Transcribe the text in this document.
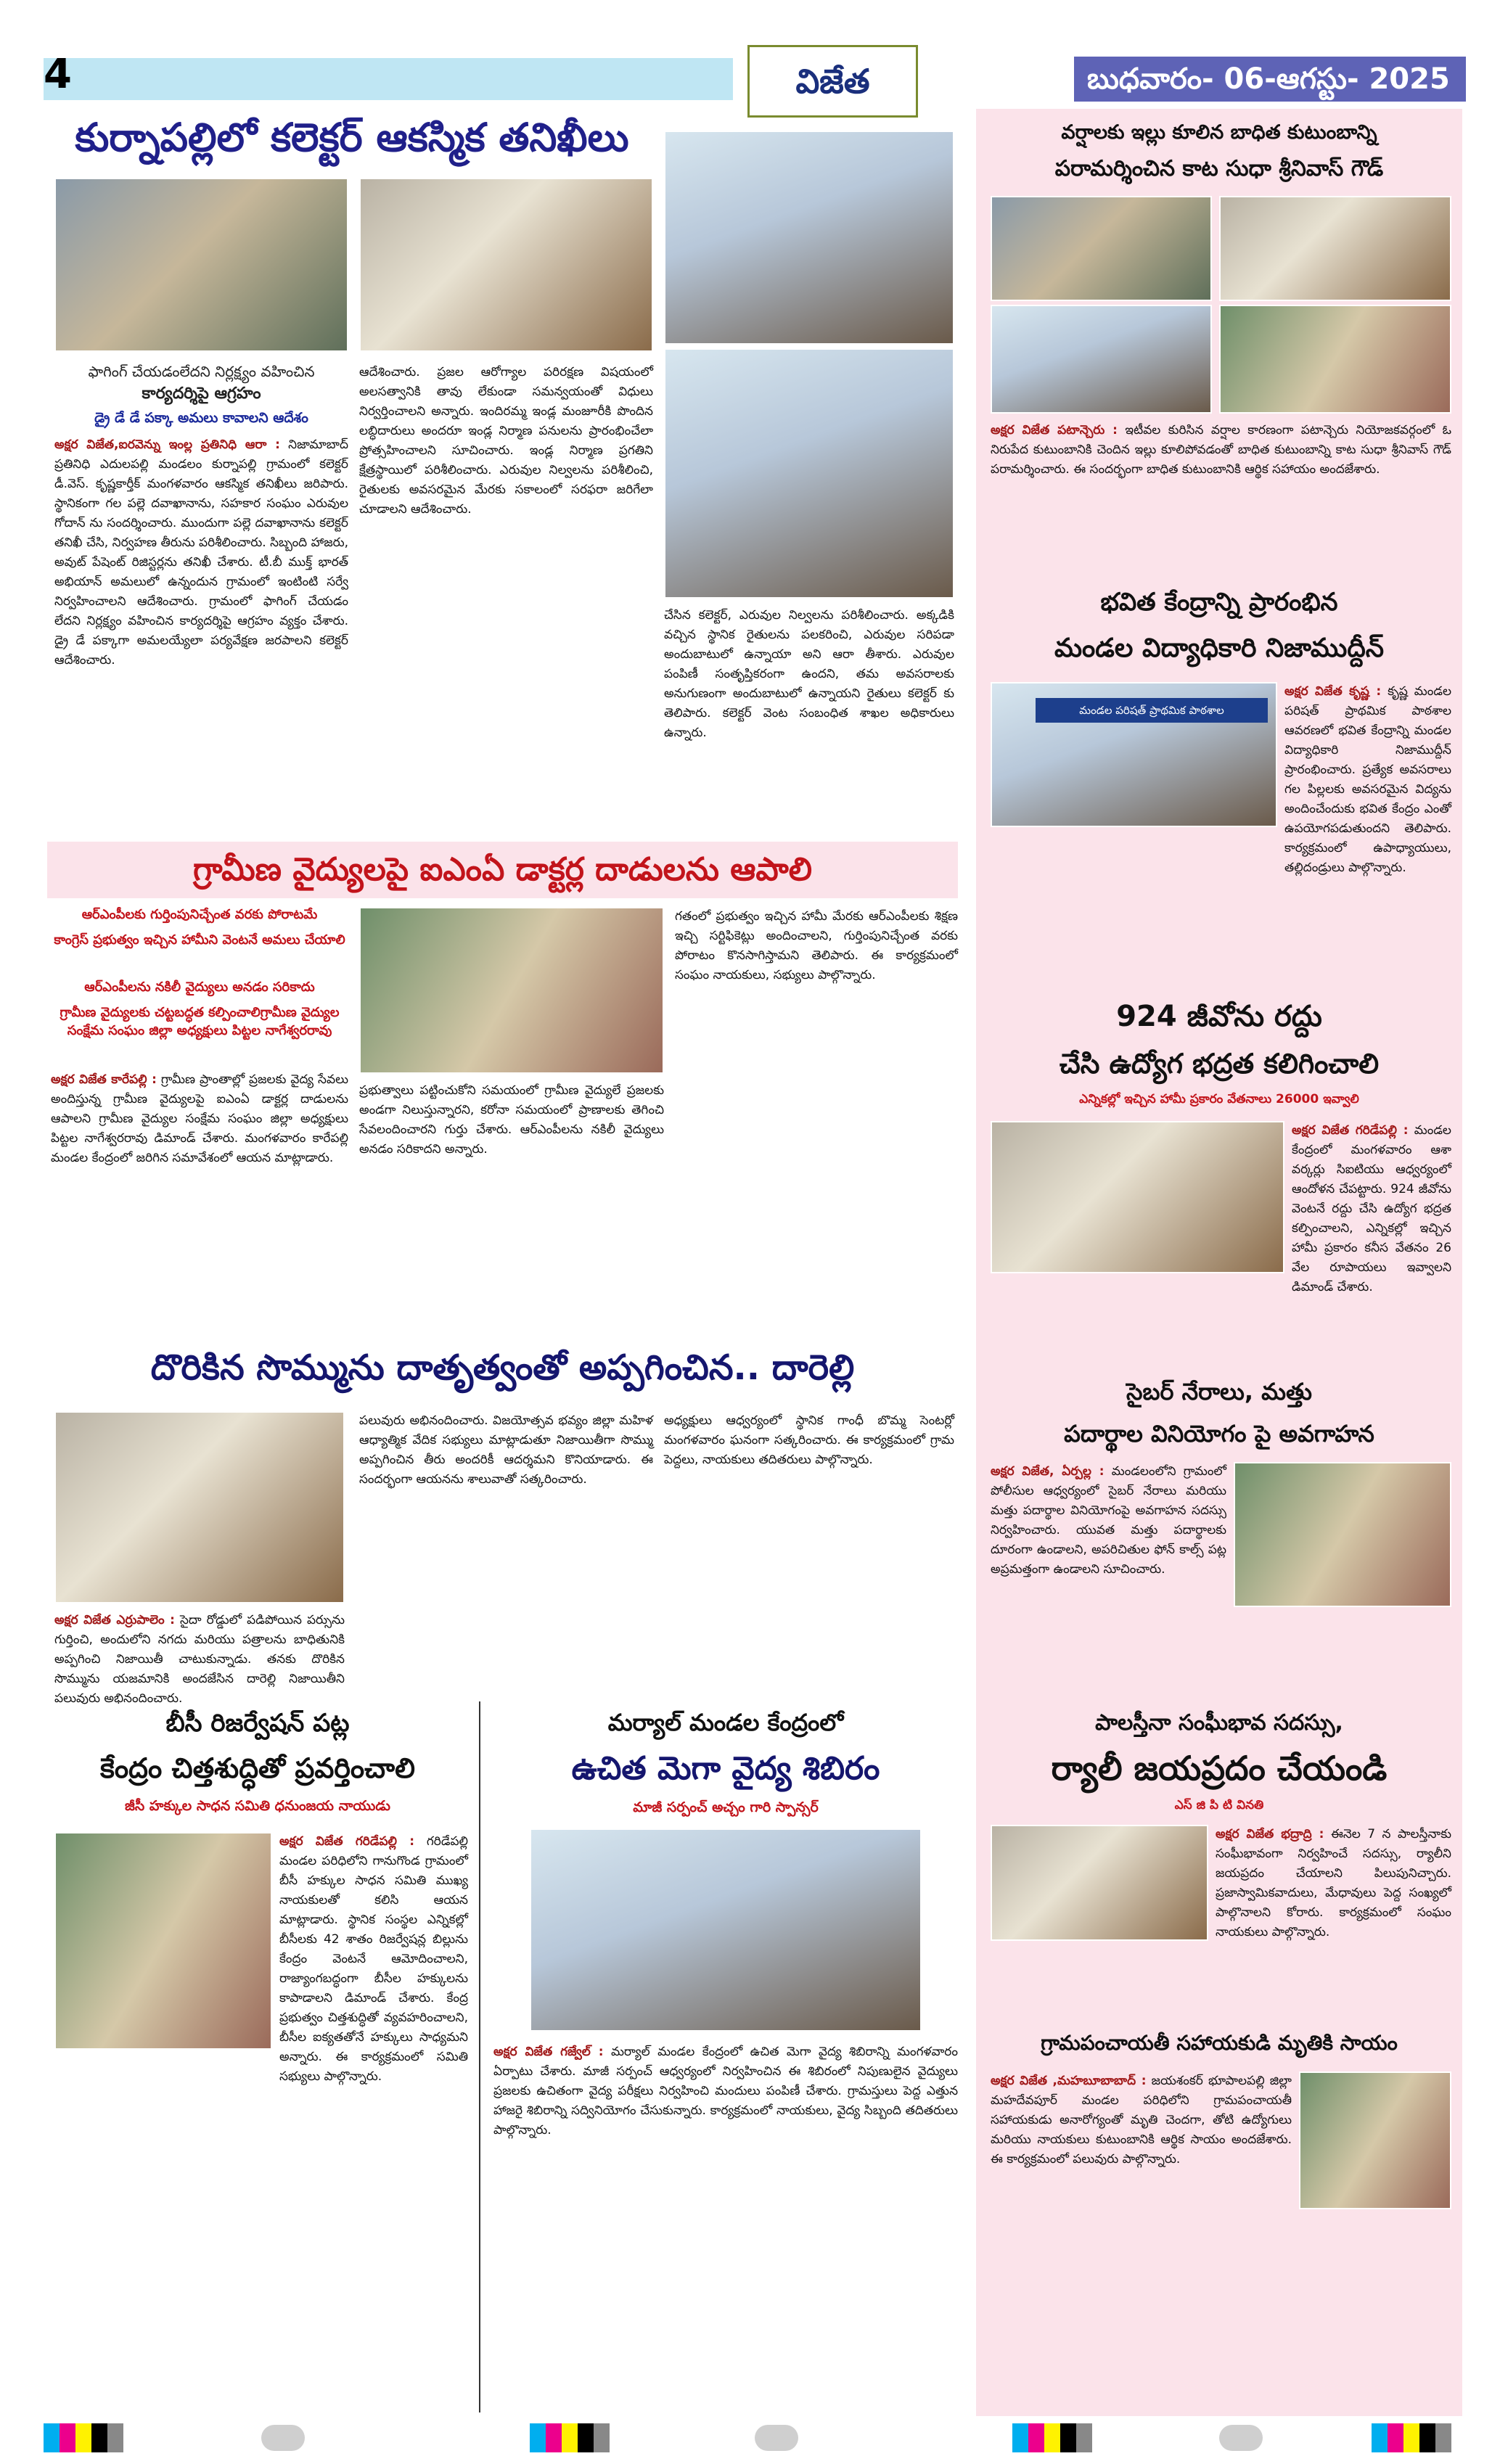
4	విజేత	బుధవారం- 06-ఆగస్టు- 2025
కుర్నాపల్లిలో కలెక్టర్ ఆకస్మిక తనిఖీలు
ఫాగింగ్ చేయడంలేదని నిర్లక్ష్యం వహించిన
కార్యదర్శిపై ఆగ్రహం
డ్రై డే డే పక్కా అమలు కావాలని ఆదేశం
అక్షర విజేత,ఐరవెన్ను ఇంల్ల ప్రతినిధి ఆరా : నిజామాబాద్ ప్రతినిధి ఎదులపల్లి మండలం కుర్నాపల్లి గ్రామంలో కలెక్టర్ డీ.వెస్. కృష్ణకార్తీక్ మంగళవారం ఆకస్మిక తనిఖీలు జరిపారు. స్థానికంగా గల పల్లె దవాఖానాను, సహకార సంఘం ఎరువుల గోదాన్ ను సందర్శించారు. ముందుగా పల్లె దవాఖానాను కలెక్టర్ తనిఖీ చేసి, నిర్వహణ తీరును పరిశీలించారు. సిబ్బంది హాజరు, అవుట్ పేషెంట్ రిజిస్టర్లను తనిఖీ చేశారు. టీ.బీ ముక్త్ భారత్ అభియాన్ అమలులో ఉన్నందున గ్రామంలో ఇంటింటి సర్వే నిర్వహించాలని ఆదేశించారు. గ్రామంలో ఫాగింగ్ చేయడం లేదని నిర్లక్ష్యం వహించిన కార్యదర్శిపై ఆగ్రహం వ్యక్తం చేశారు. డ్రై డే పక్కాగా అమలయ్యేలా పర్యవేక్షణ జరపాలని కలెక్టర్ ఆదేశించారు.
ఆదేశించారు. ప్రజల ఆరోగ్యాల పరిరక్షణ విషయంలో అలసత్వానికి తావు లేకుండా సమన్వయంతో విధులు నిర్వర్తించాలని అన్నారు. ఇందిరమ్మ ఇండ్ల మంజూరీకి పొందిన లబ్ధిదారులు అందరూ ఇండ్ల నిర్మాణ పనులను ప్రారంభించేలా ప్రోత్సహించాలని సూచించారు. ఇండ్ల నిర్మాణ ప్రగతిని క్షేత్రస్థాయిలో పరిశీలించారు. ఎరువుల నిల్వలను పరిశీలించి, రైతులకు అవసరమైన మేరకు సకాలంలో సరఫరా జరిగేలా చూడాలని ఆదేశించారు.
చేసిన కలెక్టర్, ఎరువుల నిల్వలను పరిశీలించారు. అక్కడికి వచ్చిన స్థానిక రైతులను పలకరించి, ఎరువుల సరిపడా అందుబాటులో ఉన్నాయా అని ఆరా తీశారు. ఎరువుల పంపిణీ సంతృప్తికరంగా ఉందని, తమ అవసరాలకు అనుగుణంగా అందుబాటులో ఉన్నాయని రైతులు కలెక్టర్ కు తెలిపారు. కలెక్టర్ వెంట సంబంధిత శాఖల అధికారులు ఉన్నారు.
గ్రామీణ వైద్యులపై ఐఎంఏ డాక్టర్ల దాడులను ఆపాలి
ఆర్ఎంపీలకు గుర్తింపునిచ్చేంత వరకు పోరాటమే
కాంగ్రెస్ ప్రభుత్వం ఇచ్చిన హామీని వెంటనే అమలు చేయాలి
ఆర్ఎంపీలను నకిలీ వైద్యులు అనడం సరికాదు
గ్రామీణ వైద్యులకు చట్టబద్ధత కల్పించాలిగ్రామీణ వైద్యుల సంక్షేమ సంఘం జిల్లా అధ్యక్షులు పిట్టల నాగేశ్వరరావు
అక్షర విజేత కారేపల్లి : గ్రామీణ ప్రాంతాల్లో ప్రజలకు వైద్య సేవలు అందిస్తున్న గ్రామీణ వైద్యులపై ఐఎంఏ డాక్టర్ల దాడులను ఆపాలని గ్రామీణ వైద్యుల సంక్షేమ సంఘం జిల్లా అధ్యక్షులు పిట్టల నాగేశ్వరరావు డిమాండ్ చేశారు. మంగళవారం కారేపల్లి మండల కేంద్రంలో జరిగిన సమావేశంలో ఆయన మాట్లాడారు.
ప్రభుత్వాలు పట్టించుకోని సమయంలో గ్రామీణ వైద్యులే ప్రజలకు అండగా నిలుస్తున్నారని, కరోనా సమయంలో ప్రాణాలకు తెగించి సేవలందించారని గుర్తు చేశారు. ఆర్ఎంపీలను నకిలీ వైద్యులు అనడం సరికాదని అన్నారు.
గతంలో ప్రభుత్వం ఇచ్చిన హామీ మేరకు ఆర్ఎంపీలకు శిక్షణ ఇచ్చి సర్టిఫికెట్లు అందించాలని, గుర్తింపునిచ్చేంత వరకు పోరాటం కొనసాగిస్తామని తెలిపారు. ఈ కార్యక్రమంలో సంఘం నాయకులు, సభ్యులు పాల్గొన్నారు.
దొరికిన సొమ్మును దాతృత్వంతో అప్పగించిన.. దారెల్లి
అక్షర విజేత ఎర్రుపాలెం : సైదా రోడ్డులో పడిపోయిన పర్సును గుర్తించి, అందులోని నగదు మరియు పత్రాలను బాధితునికి అప్పగించి నిజాయితీ చాటుకున్నాడు. తనకు దొరికిన సొమ్మును యజమానికి అందజేసిన దారెల్లి నిజాయితీని పలువురు అభినందించారు.
పలువురు అభినందించారు. విజయోత్సవ భవ్యం జిల్లా మహిళ ఆధ్యాత్మిక వేదిక సభ్యులు మాట్లాడుతూ నిజాయితీగా సొమ్ము అప్పగించిన తీరు అందరికీ ఆదర్శమని కొనియాడారు. ఈ సందర్భంగా ఆయనను శాలువాతో సత్కరించారు.
అధ్యక్షులు ఆధ్వర్యంలో స్థానిక గాంధీ బొమ్మ సెంటర్లో మంగళవారం ఘనంగా సత్కరించారు. ఈ కార్యక్రమంలో గ్రామ పెద్దలు, నాయకులు తదితరులు పాల్గొన్నారు.
బీసీ రిజర్వేషన్ పట్ల
కేంద్రం చిత్తశుద్ధితో ప్రవర్తించాలి
జీసీ హక్కుల సాధన సమితి ధనుంజయ నాయుడు
అక్షర విజేత గరిడేపల్లి : గరిడేపల్లి మండల పరిధిలోని గానుగొండ గ్రామంలో బీసీ హక్కుల సాధన సమితి ముఖ్య నాయకులతో కలిసి ఆయన మాట్లాడారు. స్థానిక సంస్థల ఎన్నికల్లో బీసీలకు 42 శాతం రిజర్వేషన్ల బిల్లును కేంద్రం వెంటనే ఆమోదించాలని, రాజ్యాంగబద్ధంగా బీసీల హక్కులను కాపాడాలని డిమాండ్ చేశారు. కేంద్ర ప్రభుత్వం చిత్తశుద్ధితో వ్యవహరించాలని, బీసీల ఐక్యతతోనే హక్కులు సాధ్యమని అన్నారు. ఈ కార్యక్రమంలో సమితి సభ్యులు పాల్గొన్నారు.
మర్యాల్ మండల కేంద్రంలో
ఉచిత మెగా వైద్య శిబిరం
మాజీ సర్పంచ్ అచ్చం గారి స్పాన్సర్
అక్షర విజేత గజ్వేల్ : మర్యాల్ మండల కేంద్రంలో ఉచిత మెగా వైద్య శిబిరాన్ని మంగళవారం ఏర్పాటు చేశారు. మాజీ సర్పంచ్ ఆధ్వర్యంలో నిర్వహించిన ఈ శిబిరంలో నిపుణులైన వైద్యులు ప్రజలకు ఉచితంగా వైద్య పరీక్షలు నిర్వహించి మందులు పంపిణీ చేశారు. గ్రామస్తులు పెద్ద ఎత్తున హాజరై శిబిరాన్ని సద్వినియోగం చేసుకున్నారు. కార్యక్రమంలో నాయకులు, వైద్య సిబ్బంది తదితరులు పాల్గొన్నారు.
వర్షాలకు ఇల్లు కూలిన బాధిత కుటుంబాన్ని
పరామర్శించిన కాట సుధా శ్రీనివాస్ గౌడ్
అక్షర విజేత పటాన్చెరు : ఇటీవల కురిసిన వర్షాల కారణంగా పటాన్చెరు నియోజకవర్గంలో ఓ నిరుపేద కుటుంబానికి చెందిన ఇల్లు కూలిపోవడంతో బాధిత కుటుంబాన్ని కాట సుధా శ్రీనివాస్ గౌడ్ పరామర్శించారు. ఈ సందర్భంగా బాధిత కుటుంబానికి ఆర్థిక సహాయం అందజేశారు.
భవిత కేంద్రాన్ని ప్రారంభిన
మండల విద్యాధికారి నిజాముద్దీన్
మండల పరిషత్ ప్రాథమిక పాఠశాల
అక్షర విజేత కృష్ణ : కృష్ణ మండల పరిషత్ ప్రాథమిక పాఠశాల ఆవరణలో భవిత కేంద్రాన్ని మండల విద్యాధికారి నిజాముద్దీన్ ప్రారంభించారు. ప్రత్యేక అవసరాలు గల పిల్లలకు అవసరమైన విద్యను అందించేందుకు భవిత కేంద్రం ఎంతో ఉపయోగపడుతుందని తెలిపారు. కార్యక్రమంలో ఉపాధ్యాయులు, తల్లిదండ్రులు పాల్గొన్నారు.
924 జీవోను రద్దు
చేసి ఉద్యోగ భద్రత కలిగించాలి
ఎన్నికల్లో ఇచ్చిన హామీ ప్రకారం వేతనాలు 26000 ఇవ్వాలి
అక్షర విజేత గరిడేపల్లి : మండల కేంద్రంలో మంగళవారం ఆశా వర్కర్లు సిఐటియు ఆధ్వర్యంలో ఆందోళన చేపట్టారు. 924 జీవోను వెంటనే రద్దు చేసి ఉద్యోగ భద్రత కల్పించాలని, ఎన్నికల్లో ఇచ్చిన హామీ ప్రకారం కనీస వేతనం 26 వేల రూపాయలు ఇవ్వాలని డిమాండ్ చేశారు.
సైబర్ నేరాలు, మత్తు
పదార్థాల వినియోగం పై అవగాహన
అక్షర విజేత, ఏర్పల్ల : మండలంలోని గ్రామంలో పోలీసుల ఆధ్వర్యంలో సైబర్ నేరాలు మరియు మత్తు పదార్థాల వినియోగంపై అవగాహన సదస్సు నిర్వహించారు. యువత మత్తు పదార్థాలకు దూరంగా ఉండాలని, అపరిచితుల ఫోన్ కాల్స్ పట్ల అప్రమత్తంగా ఉండాలని సూచించారు.
పాలస్తీనా సంఘీభావ సదస్సు,
ర్యాలీ జయప్రదం చేయండి
ఎస్ జి పి టి వినతి
అక్షర విజేత భద్రాద్రి : ఈనెల 7 న పాలస్తీనాకు సంఘీభావంగా నిర్వహించే సదస్సు, ర్యాలీని జయప్రదం చేయాలని పిలుపునిచ్చారు. ప్రజాస్వామికవాదులు, మేధావులు పెద్ద సంఖ్యలో పాల్గొనాలని కోరారు. కార్యక్రమంలో సంఘం నాయకులు పాల్గొన్నారు.
గ్రామపంచాయతీ సహాయకుడి మృతికి సాయం
అక్షర విజేత ,మహబూబాబాద్ : జయశంకర్ భూపాలపల్లి జిల్లా మహదేవపూర్ మండల పరిధిలోని గ్రామపంచాయతీ సహాయకుడు అనారోగ్యంతో మృతి చెందగా, తోటి ఉద్యోగులు మరియు నాయకులు కుటుంబానికి ఆర్థిక సాయం అందజేశారు. ఈ కార్యక్రమంలో పలువురు పాల్గొన్నారు.
